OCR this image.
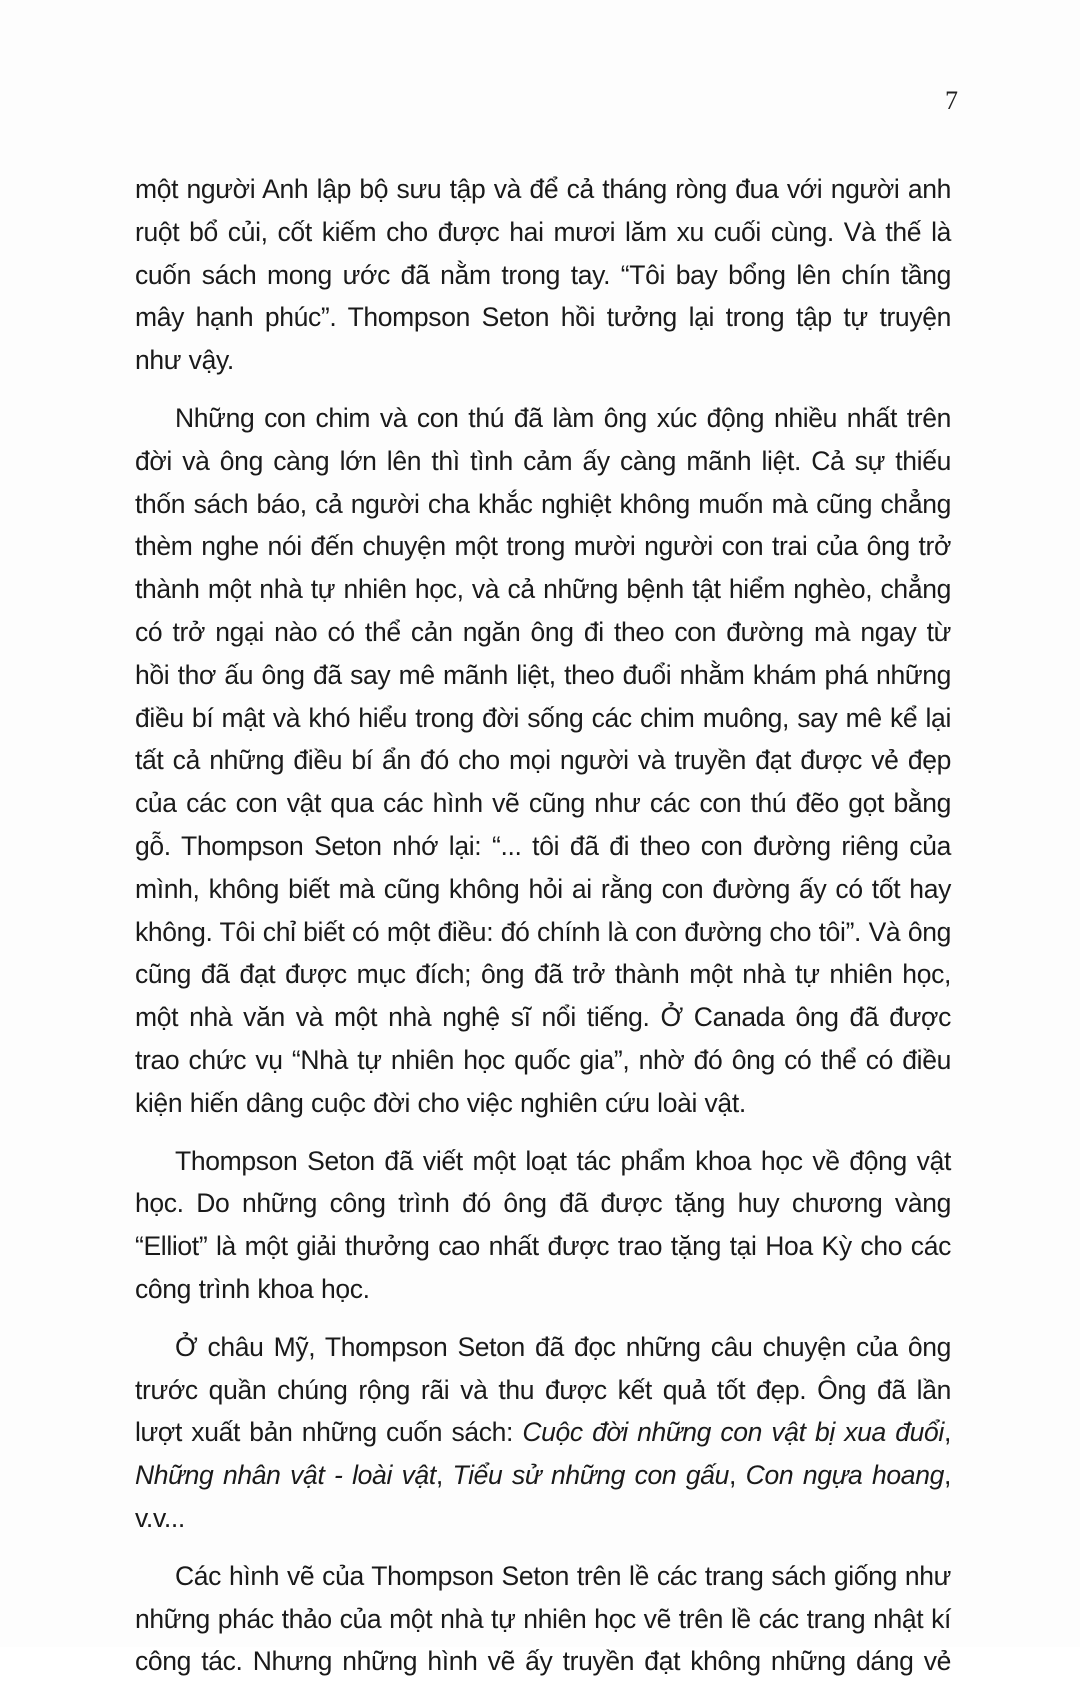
7

một người Anh lập bộ sưu tập và để cả tháng ròng đua với người anh ruột bổ củi, cốt kiếm cho được hai mươi lăm xu cuối cùng. Và thế là cuốn sách mong ước đã nằm trong tay. “Tôi bay bổng lên chín tầng mây hạnh phúc”. Thompson Seton hồi tưởng lại trong tập tự truyện như vậy.

Những con chim và con thú đã làm ông xúc động nhiều nhất trên đời và ông càng lớn lên thì tình cảm ấy càng mãnh liệt. Cả sự thiếu thốn sách báo, cả người cha khắc nghiệt không muốn mà cũng chẳng thèm nghe nói đến chuyện một trong mười người con trai của ông trở thành một nhà tự nhiên học, và cả những bệnh tật hiểm nghèo, chẳng có trở ngại nào có thể cản ngăn ông đi theo con đường mà ngay từ hồi thơ ấu ông đã say mê mãnh liệt, theo đuổi nhằm khám phá những điều bí mật và khó hiểu trong đời sống các chim muông, say mê kể lại tất cả những điều bí ẩn đó cho mọi người và truyền đạt được vẻ đẹp của các con vật qua các hình vẽ cũng như các con thú đẽo gọt bằng gỗ. Thompson Seton nhớ lại: “... tôi đã đi theo con đường riêng của mình, không biết mà cũng không hỏi ai rằng con đường ấy có tốt hay không. Tôi chỉ biết có một điều: đó chính là con đường cho tôi”. Và ông cũng đã đạt được mục đích; ông đã trở thành một nhà tự nhiên học, một nhà văn và một nhà nghệ sĩ nổi tiếng. Ở Canada ông đã được trao chức vụ “Nhà tự nhiên học quốc gia”, nhờ đó ông có thể có điều kiện hiến dâng cuộc đời cho việc nghiên cứu loài vật.

Thompson Seton đã viết một loạt tác phẩm khoa học về động vật học. Do những công trình đó ông đã được tặng huy chương vàng “Elliot” là một giải thưởng cao nhất được trao tặng tại Hoa Kỳ cho các công trình khoa học.

Ở châu Mỹ, Thompson Seton đã đọc những câu chuyện của ông trước quần chúng rộng rãi và thu được kết quả tốt đẹp. Ông đã lần lượt xuất bản những cuốn sách: Cuộc đời những con vật bị xua đuổi, Những nhân vật - loài vật, Tiểu sử những con gấu, Con ngựa hoang, v.v...

Các hình vẽ của Thompson Seton trên lề các trang sách giống như những phác thảo của một nhà tự nhiên học vẽ trên lề các trang nhật kí công tác. Nhưng những hình vẽ ấy truyền đạt không những dáng vẻ
